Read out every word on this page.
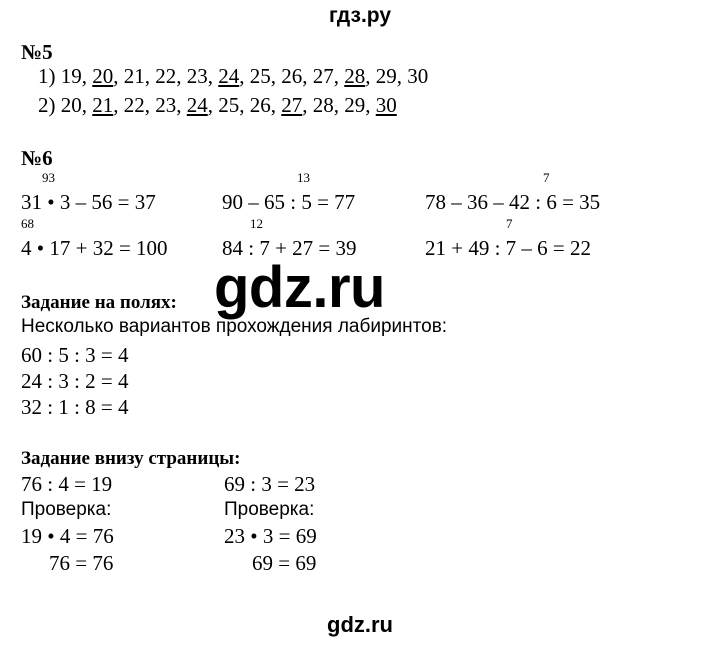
гдз.ру
№5
1) 19, 20, 21, 22, 23, 24, 25, 26, 27, 28, 29, 30
2) 20, 21, 22, 23, 24, 25, 26, 27, 28, 29, 30
№6
93
31 • 3 – 56 = 37
13
90 – 65 : 5 = 77
7
78 – 36 – 42 : 6 = 35
68
4 • 17 + 32 = 100
12
84 : 7 + 27 = 39
7
21 + 49 : 7 – 6 = 22
gdz.ru
Задание на полях:
Несколько вариантов прохождения лабиринтов:
60 : 5 : 3 = 4
24 : 3 : 2 = 4
32 : 1 : 8 = 4
Задание внизу страницы:
76 : 4 = 19
Проверка:
19 • 4 = 76
76 = 76
69 : 3 = 23
Проверка:
23 • 3 = 69
69 = 69
gdz.ru
